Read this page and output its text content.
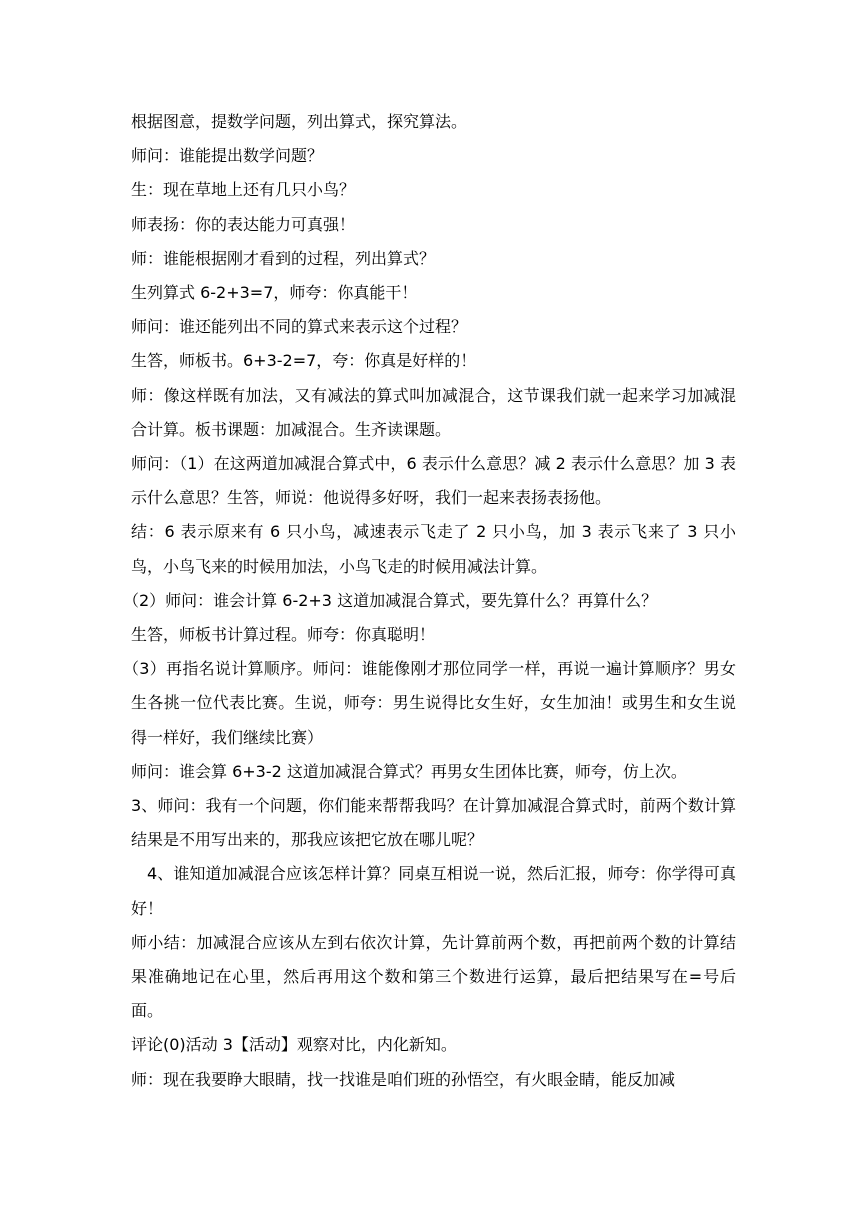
根据图意，提数学问题，列出算式，探究算法。

师问：谁能提出数学问题？

生：现在草地上还有几只小鸟？

师表扬：你的表达能力可真强！

师：谁能根据刚才看到的过程，列出算式？

生列算式 6-2+3=7，师夸：你真能干！

师问：谁还能列出不同的算式来表示这个过程？

生答，师板书。6+3-2=7，夸：你真是好样的！

师：像这样既有加法，又有减法的算式叫加减混合，这节课我们就一起来学习加减混合计算。板书课题：加减混合。生齐读课题。

师问：（1）在这两道加减混合算式中，6 表示什么意思？减 2 表示什么意思？加 3 表示什么意思？生答，师说：他说得多好呀，我们一起来表扬表扬他。

结：6 表示原来有 6 只小鸟，减速表示飞走了 2 只小鸟，加 3 表示飞来了 3 只小鸟，小鸟飞来的时候用加法，小鸟飞走的时候用减法计算。

（2）师问：谁会计算 6-2+3 这道加减混合算式，要先算什么？再算什么？

生答，师板书计算过程。师夸：你真聪明！

（3）再指名说计算顺序。师问：谁能像刚才那位同学一样，再说一遍计算顺序？男女生各挑一位代表比赛。生说，师夸：男生说得比女生好，女生加油！或男生和女生说得一样好，我们继续比赛）

师问：谁会算 6+3-2 这道加减混合算式？再男女生团体比赛，师夸，仿上次。

3、师问：我有一个问题，你们能来帮帮我吗？在计算加减混合算式时，前两个数计算结果是不用写出来的，那我应该把它放在哪儿呢？

4、谁知道加减混合应该怎样计算？同桌互相说一说，然后汇报，师夸：你学得可真好！

师小结：加减混合应该从左到右依次计算，先计算前两个数，再把前两个数的计算结果准确地记在心里，然后再用这个数和第三个数进行运算，最后把结果写在=号后面。

评论(0)活动 3【活动】观察对比，内化新知。

师：现在我要睁大眼睛，找一找谁是咱们班的孙悟空，有火眼金睛，能反加减
